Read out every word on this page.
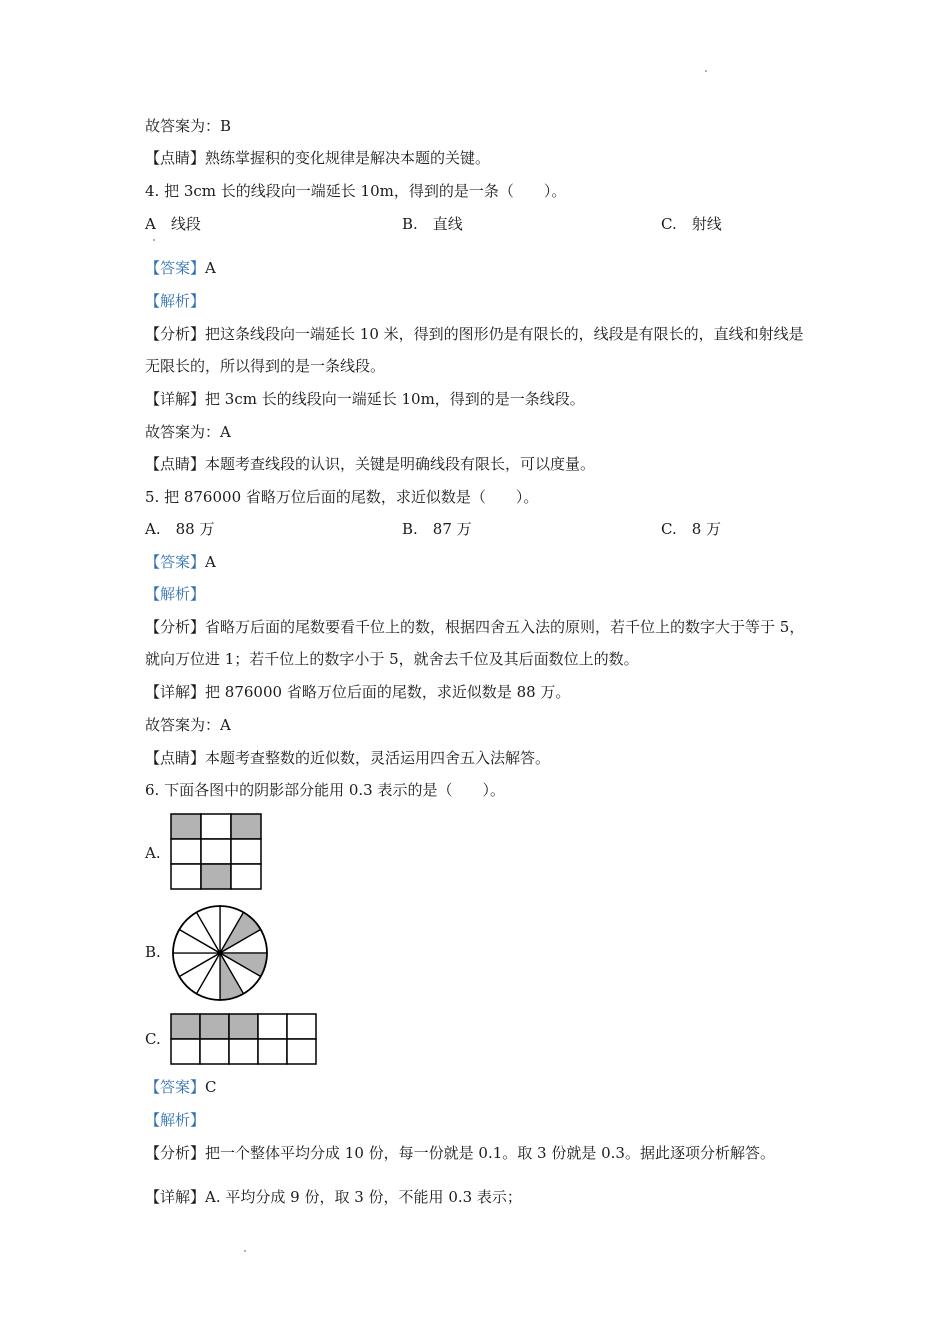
故答案为：B
【点睛】熟练掌握积的变化规律是解决本题的关键。
4. 把 3cm 长的线段向一端延长 10m，得到的是一条（　　）。
A　线段	B.　直线	C.　射线
【答案】A
【解析】
【分析】把这条线段向一端延长 10 米，得到的图形仍是有限长的，线段是有限长的，直线和射线是无限长的，所以得到的是一条线段。
【详解】把 3cm 长的线段向一端延长 10m，得到的是一条线段。
故答案为：A
【点睛】本题考查线段的认识，关键是明确线段有限长，可以度量。
5. 把 876000 省略万位后面的尾数，求近似数是（　　）。
A.　88 万	B.　87 万	C.　8 万
【答案】A
【解析】
【分析】省略万后面的尾数要看千位上的数，根据四舍五入法的原则，若千位上的数字大于等于 5，就向万位进 1；若千位上的数字小于 5，就舍去千位及其后面数位上的数。
【详解】把 876000 省略万位后面的尾数，求近似数是 88 万。
故答案为：A
【点睛】本题考查整数的近似数，灵活运用四舍五入法解答。
6. 下面各图中的阴影部分能用 0.3 表示的是（　　）。
A.
B.
C.
【答案】C
【解析】
【分析】把一个整体平均分成 10 份，每一份就是 0.1。取 3 份就是 0.3。据此逐项分析解答。
【详解】A. 平均分成 9 份，取 3 份，不能用 0.3 表示；
